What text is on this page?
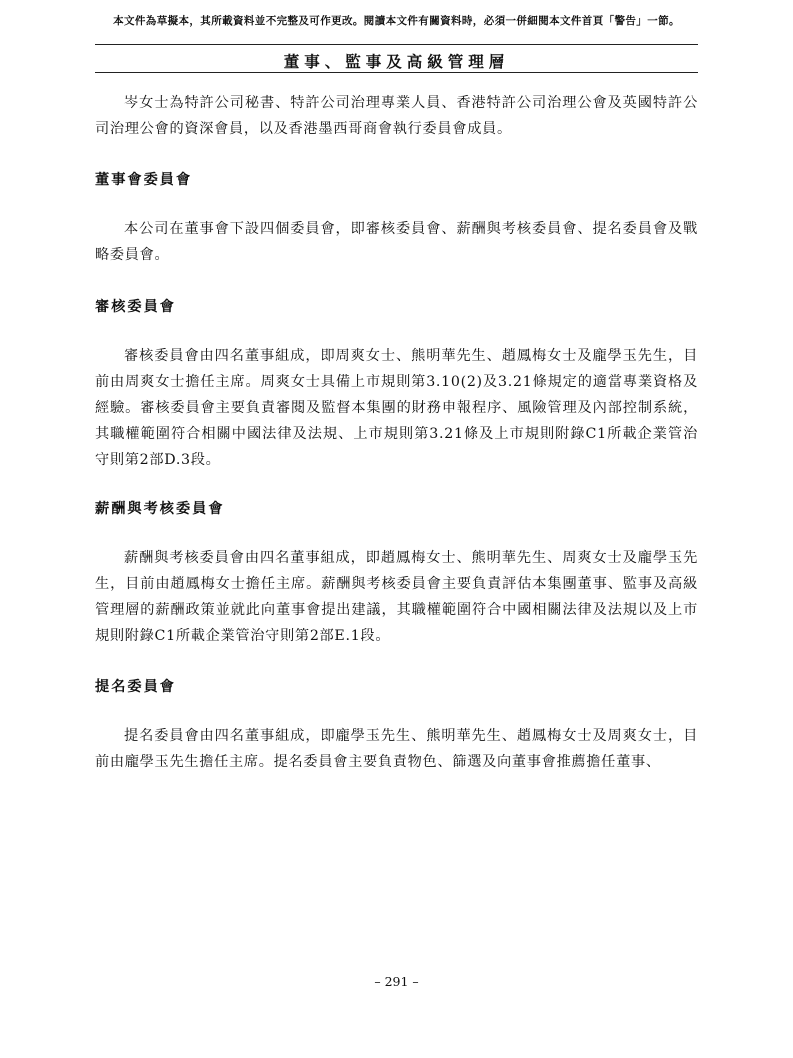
本文件為草擬本，其所載資料並不完整及可作更改。閱讀本文件有關資料時，必須一併細閱本文件首頁「警告」一節。
董事、監事及高級管理層

岑女士為特許公司秘書、特許公司治理專業人員、香港特許公司治理公會及英國特許公司治理公會的資深會員，以及香港墨西哥商會執行委員會成員。

董事會委員會

本公司在董事會下設四個委員會，即審核委員會、薪酬與考核委員會、提名委員會及戰略委員會。

審核委員會

審核委員會由四名董事組成，即周爽女士、熊明華先生、趙鳳梅女士及龐學玉先生，目前由周爽女士擔任主席。周爽女士具備上市規則第3.10(2)及3.21條規定的適當專業資格及經驗。審核委員會主要負責審閱及監督本集團的財務申報程序、風險管理及內部控制系統，其職權範圍符合相關中國法律及法規、上市規則第3.21條及上市規則附錄C1所載企業管治守則第2部D.3段。

薪酬與考核委員會

薪酬與考核委員會由四名董事組成，即趙鳳梅女士、熊明華先生、周爽女士及龐學玉先生，目前由趙鳳梅女士擔任主席。薪酬與考核委員會主要負責評估本集團董事、監事及高級管理層的薪酬政策並就此向董事會提出建議，其職權範圍符合中國相關法律及法規以及上市規則附錄C1所載企業管治守則第2部E.1段。

提名委員會

提名委員會由四名董事組成，即龐學玉先生、熊明華先生、趙鳳梅女士及周爽女士，目前由龐學玉先生擔任主席。提名委員會主要負責物色、篩選及向董事會推薦擔任董事、

– 291 –
